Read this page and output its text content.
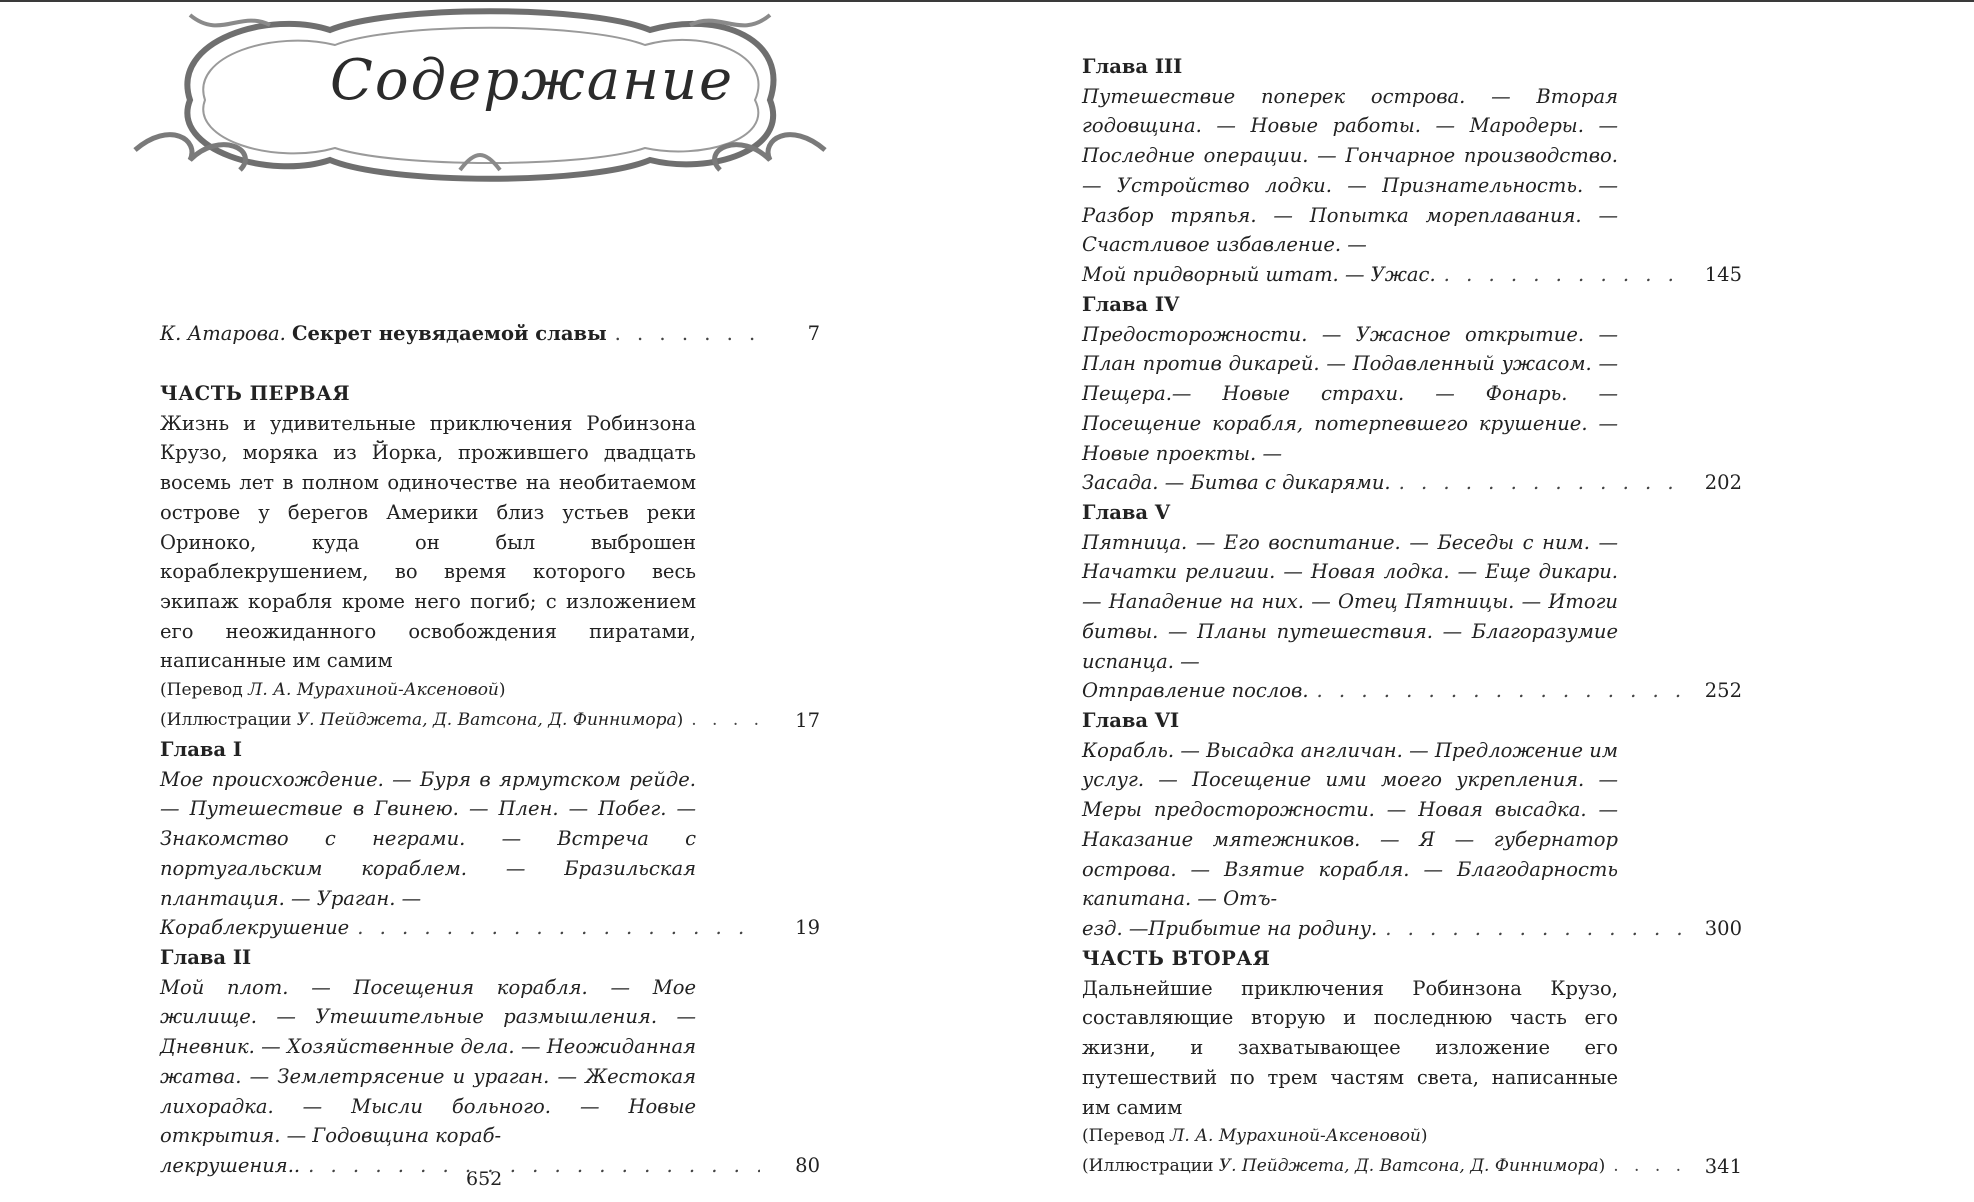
Содержание
К. Атарова. Секрет неувядаемой славы . . .	7
ЧАСТЬ ПЕРВАЯ
Жизнь и удивительные приключения Робинзона Крузо, моряка из Йорка, прожившего двадцать восемь лет в полном одиночестве на необитаемом острове у берегов Америки близ устьев реки Ориноко, куда он был выброшен кораблекрушением, во время которого весь экипаж корабля кроме него погиб; с изложением его неожиданного освобождения пиратами, написанные им самим
(Перевод Л. А. Мурахиной-Аксеновой)
(Иллюстрации У. Пейджета, Д. Ватсона, Д. Финнимора) . . .	17
Глава I
Мое происхождение. — Буря в ярмутском рейде. — Путешествие в Гвинею. — Плен. — Побег. — Знакомство с неграми. — Встреча с португальским кораблем. — Бразильская плантация. — Ураган. —
Кораблекрушение . . .	19
Глава II
Мой плот. — Посещения корабля. — Мое жилище. — Утешительные размышления. — Дневник. — Хозяйственные дела. — Неожиданная жатва. — Землетрясение и ураган. — Жестокая лихорадка. — Мысли больного. — Новые открытия. — Годовщина кораб-
лекрушения.. . . .	80
Глава III
Путешествие поперек острова. — Вторая годовщина. — Новые работы. — Мародеры. — Последние операции. — Гончарное производство. — Устройство лодки. — Признательность. — Разбор тряпья. — Попытка мореплавания. — Счастливое избавление. —
Мой придворный штат. — Ужас. . . .	145
Глава IV
Предосторожности. — Ужасное открытие. — План против дикарей. — Подавленный ужасом. — Пещера.— Новые страхи. — Фонарь. — Посещение корабля, потерпевшего крушение. — Новые проекты. —
Засада. — Битва с дикарями. . . .	202
Глава V
Пятница. — Его воспитание. — Беседы с ним. — Начатки религии. — Новая лодка. — Еще дикари. — Нападение на них. — Отец Пятницы. — Итоги битвы. — Планы путешествия. — Благоразумие испанца. —
Отправление послов. . . .	252
Глава VI
Корабль. — Высадка англичан. — Предложение им услуг. — Посещение ими моего укрепления. — Меры предосторожности. — Новая высадка. — Наказание мятежников. — Я — губернатор острова. — Взятие корабля. — Благодарность капитана. — Отъ-
езд. —Прибытие на родину. . . .	300
ЧАСТЬ ВТОРАЯ
Дальнейшие приключения Робинзона Крузо, составляющие вторую и последнюю часть его жизни, и захватывающее изложение его путешествий по трем частям света, написанные им самим
(Перевод Л. А. Мурахиной-Аксеновой)
(Иллюстрации У. Пейджета, Д. Ватсона, Д. Финнимора) . . .	341
652
